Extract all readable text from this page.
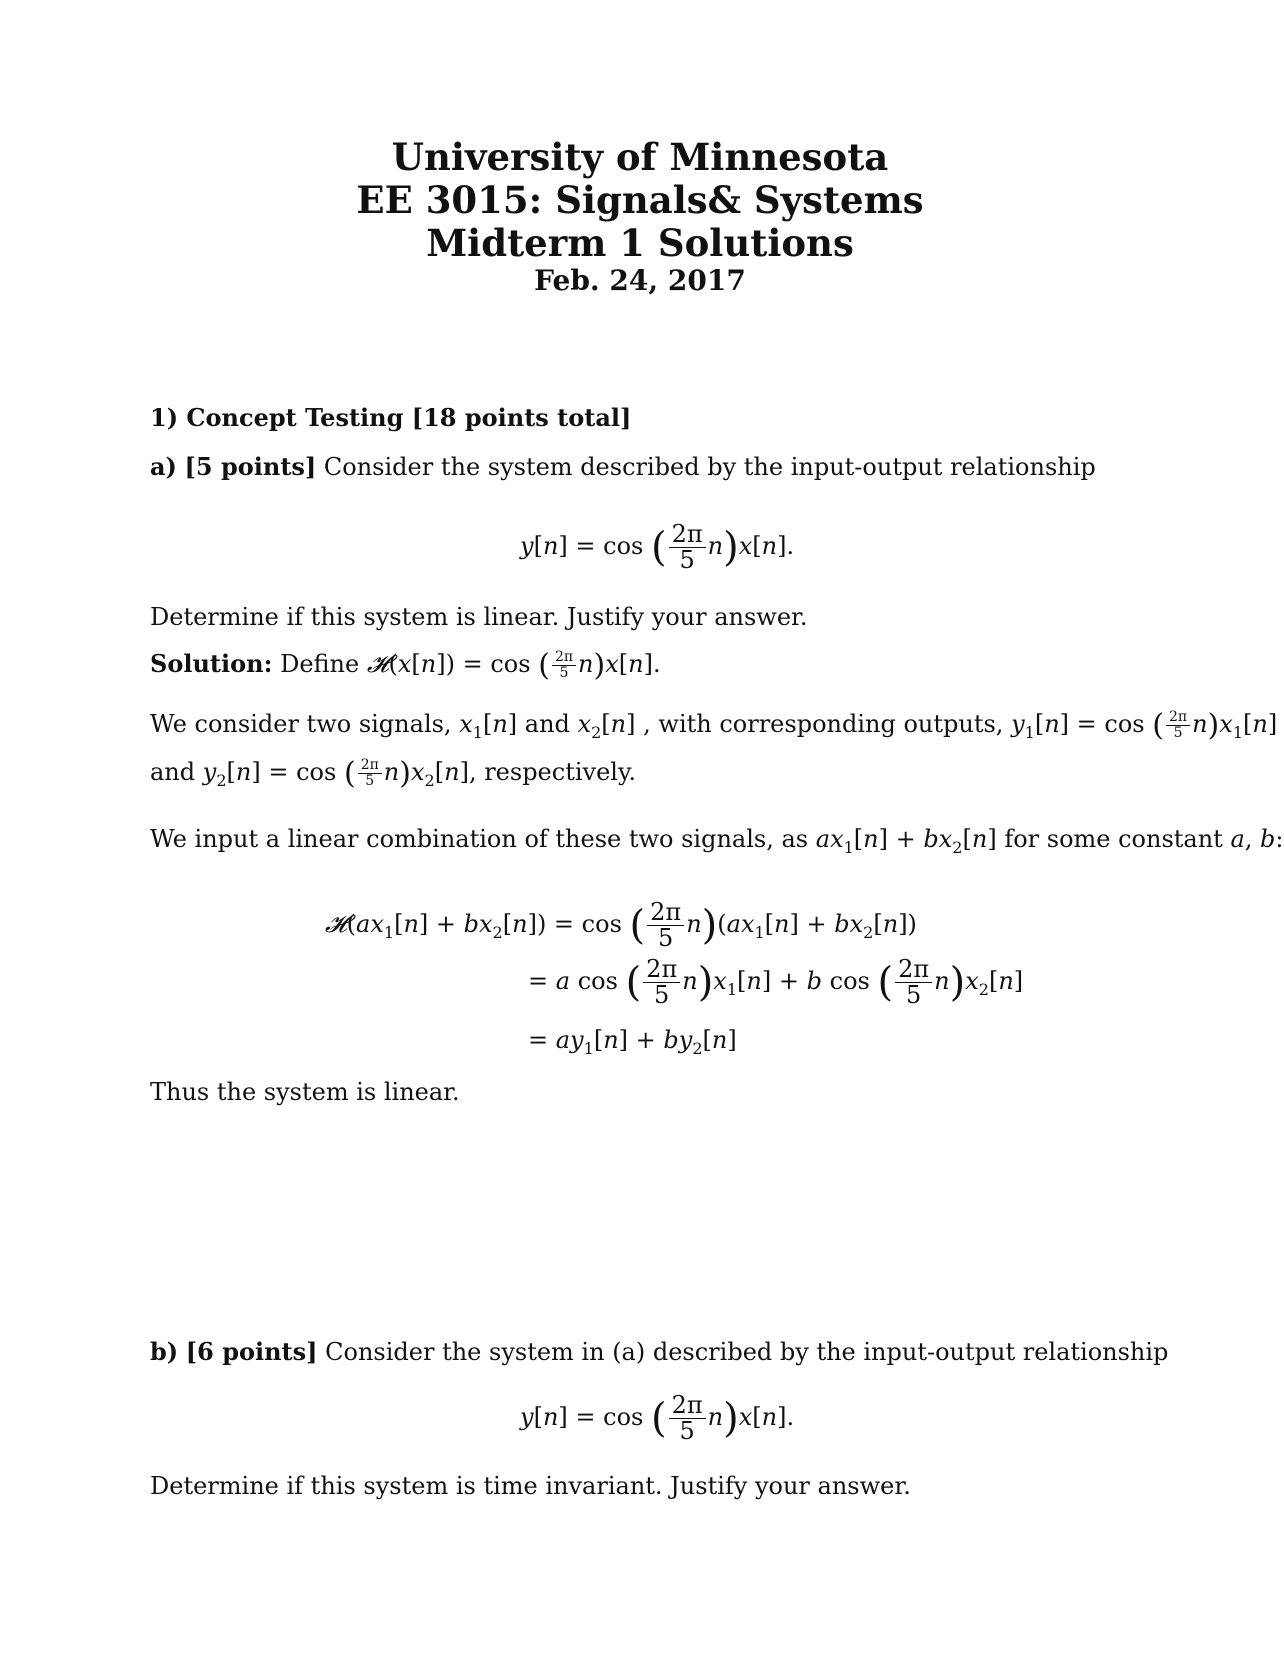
University of Minnesota
EE 3015: Signals& Systems
Midterm 1 Solutions
Feb. 24, 2017
1) Concept Testing [18 points total]
a) [5 points] Consider the system described by the input-output relationship
y[n] = cos ( $\frac{2\pi}{5} n)x[n]$.
Determine if this system is linear. Justify your answer.
Solution: Define 𝓗(x[n]) = cos ( $\frac{2\pi}{5} n)x[n]$.
We consider two signals, $x_1[n]$ and $x_2[n]$ , with corresponding outputs, $y_1[n] = \cos$ ( $\frac{2\pi}{5} n)x_1[n]$
and $y_2[n] = \cos$ ( $\frac{2\pi}{5} n)x_2[n]$, respectively.
We input a linear combination of these two signals, as $ax_1[n] + bx_2[n]$ for some constant a, b:
$𝓗(ax_1[n] + bx_2[n]) = \cos$ ( $\frac{2\pi}{5} n)(ax_1[n] + bx_2[n])$
= a cos ( $\frac{2\pi}{5} n)x_1[n] + b$ cos ( $\frac{2\pi}{5} n)x_2[n]$
= $ay_1[n] + by_2[n]$
Thus the system is linear.
b) [6 points] Consider the system in (a) described by the input-output relationship
y[n] = cos ( $\frac{2\pi}{5} n)x[n]$.
Determine if this system is time invariant. Justify your answer.
